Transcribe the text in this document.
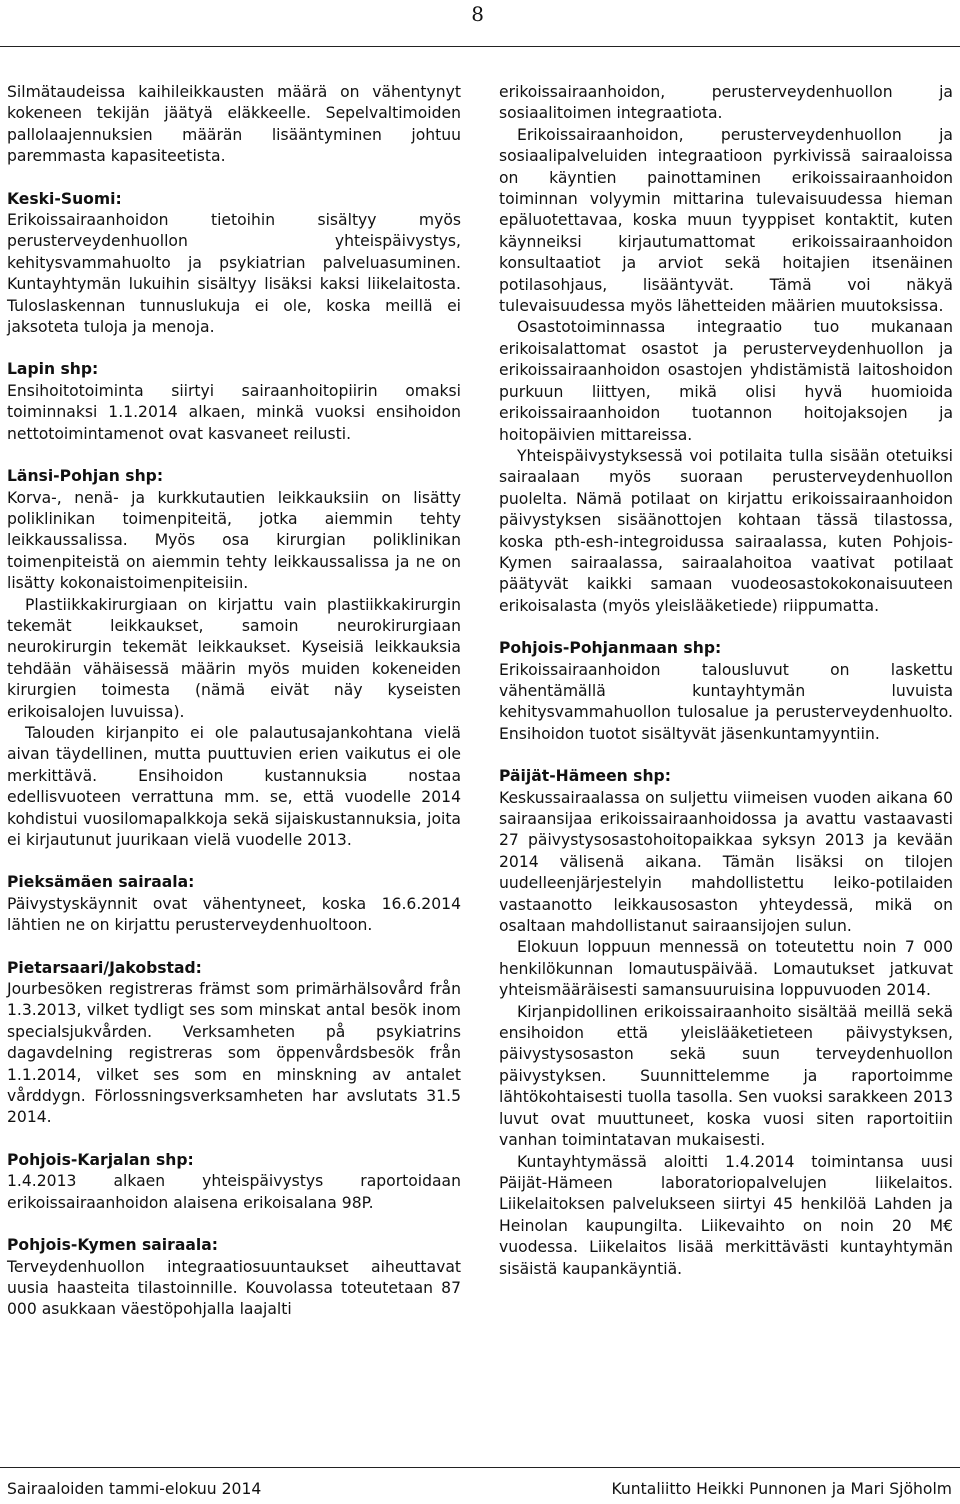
8

Silmätaudeissa kaihileikkausten määrä on vähentynyt kokeneen tekijän jäätyä eläkkeelle. Sepelvaltimoiden pallolaajennuksien määrän lisääntyminen johtuu paremmasta kapasiteetista.

Keski-Suomi:

Erikoissairaanhoidon tietoihin sisältyy myös perusterveydenhuollon yhteispäivystys, kehitysvammahuolto ja psykiatrian palveluasuminen. Kuntayhtymän lukuihin sisältyy lisäksi kaksi liikelaitosta. Tuloslaskennan tunnuslukuja ei ole, koska meillä ei jaksoteta tuloja ja menoja.

Lapin shp:

Ensihoitotoiminta siirtyi sairaanhoitopiirin omaksi toiminnaksi 1.1.2014 alkaen, minkä vuoksi ensihoidon nettotoimintamenot ovat kasvaneet reilusti.

Länsi-Pohjan shp:

Korva-, nenä- ja kurkkutautien leikkauksiin on lisätty poliklinikan toimenpiteitä, jotka aiemmin tehty leikkaussalissa. Myös osa kirurgian poliklinikan toimenpiteistä on aiemmin tehty leikkaussalissa ja ne on lisätty kokonaistoimenpiteisiin.

Plastiikkakirurgiaan on kirjattu vain plastiikkakirurgin tekemät leikkaukset, samoin neurokirurgiaan neurokirurgin tekemät leikkaukset. Kyseisiä leikkauksia tehdään vähäisessä määrin myös muiden kokeneiden kirurgien toimesta (nämä eivät näy kyseisten erikoisalojen luvuissa).

Talouden kirjanpito ei ole palautusajankohtana vielä aivan täydellinen, mutta puuttuvien erien vaikutus ei ole merkittävä. Ensihoidon kustannuksia nostaa edellisvuoteen verrattuna mm. se, että vuodelle 2014 kohdistui vuosilomapalkkoja sekä sijaiskustannuksia, joita ei kirjautunut juurikaan vielä vuodelle 2013.

Pieksämäen sairaala:

Päivystyskäynnit ovat vähentyneet, koska 16.6.2014 lähtien ne on kirjattu perusterveydenhuoltoon.

Pietarsaari/Jakobstad:

Jourbesöken registreras främst som primärhälsovård från 1.3.2013, vilket tydligt ses som minskat antal besök inom specialsjukvården. Verksamheten på psykiatrins dagavdelning registreras som öppenvårdsbesök från 1.1.2014, vilket ses som en minskning av antalet vårddygn. Förlossningsverksamheten har avslutats 31.5 2014.

Pohjois-Karjalan shp:

1.4.2013 alkaen yhteispäivystys raportoidaan erikoissairaanhoidon alaisena erikoisalana 98P.

Pohjois-Kymen sairaala:

Terveydenhuollon integraatiosuuntaukset aiheuttavat uusia haasteita tilastoinnille. Kouvolassa toteutetaan 87 000 asukkaan väestöpohjalla laajalti

erikoissairaanhoidon, perusterveydenhuollon ja sosiaalitoimen integraatiota.

Erikoissairaanhoidon, perusterveydenhuollon ja sosiaalipalveluiden integraatioon pyrkivissä sairaaloissa on käyntien painottaminen erikoissairaanhoidon toiminnan volyymin mittarina tulevaisuudessa hieman epäluotettavaa, koska muun tyyppiset kontaktit, kuten käynneiksi kirjautumattomat erikoissairaanhoidon konsultaatiot ja arviot sekä hoitajien itsenäinen potilasohjaus, lisääntyvät. Tämä voi näkyä tulevaisuudessa myös lähetteiden määrien muutoksissa.

Osastotoiminnassa integraatio tuo mukanaan erikoisalattomat osastot ja perusterveydenhuollon ja erikoissairaanhoidon osastojen yhdistämistä laitoshoidon purkuun liittyen, mikä olisi hyvä huomioida erikoissairaanhoidon tuotannon hoitojaksojen ja hoitopäivien mittareissa.

Yhteispäivystyksessä voi potilaita tulla sisään otetuiksi sairaalaan myös suoraan perusterveydenhuollon puolelta. Nämä potilaat on kirjattu erikoissairaanhoidon päivystyksen sisäänottojen kohtaan tässä tilastossa, koska pth-esh-integroidussa sairaalassa, kuten Pohjois-Kymen sairaalassa, sairaalahoitoa vaativat potilaat päätyvät kaikki samaan vuodeosastokokonaisuuteen erikoisalasta (myös yleislääketiede) riippumatta.

Pohjois-Pohjanmaan shp:

Erikoissairaanhoidon talousluvut on laskettu vähentämällä kuntayhtymän luvuista kehitysvammahuollon tulosalue ja perusterveydenhuolto. Ensihoidon tuotot sisältyvät jäsenkuntamyyntiin.

Päijät-Hämeen shp:

Keskussairaalassa on suljettu viimeisen vuoden aikana 60 sairaansijaa erikoissairaanhoidossa ja avattu vastaavasti 27 päivystysosastohoitopaikkaa syksyn 2013 ja kevään 2014 välisenä aikana. Tämän lisäksi on tilojen uudelleenjärjestelyin mahdollistettu leiko-potilaiden vastaanotto leikkausosaston yhteydessä, mikä on osaltaan mahdollistanut sairaansijojen sulun.

Elokuun loppuun mennessä on toteutettu noin 7 000 henkilökunnan lomautuspäivää. Lomautukset jatkuvat yhteismääräisesti samansuuruisina loppuvuoden 2014.

Kirjanpidollinen erikoissairaanhoito sisältää meillä sekä ensihoidon että yleislääketieteen päivystyksen, päivystysosaston sekä suun terveydenhuollon päivystyksen. Suunnittelemme ja raportoimme lähtökohtaisesti tuolla tasolla. Sen vuoksi sarakkeen 2013 luvut ovat muuttuneet, koska vuosi siten raportoitiin vanhan toimintatavan mukaisesti.

Kuntayhtymässä aloitti 1.4.2014 toimintansa uusi Päijät-Hämeen laboratoriopalvelujen liikelaitos. Liikelaitoksen palvelukseen siirtyi 45 henkilöä Lahden ja Heinolan kaupungilta. Liikevaihto on noin 20 M€ vuodessa. Liikelaitos lisää merkittävästi kuntayhtymän sisäistä kaupankäyntiä.

Sairaaloiden tammi-elokuu 2014	Kuntaliitto Heikki Punnonen ja Mari Sjöholm
